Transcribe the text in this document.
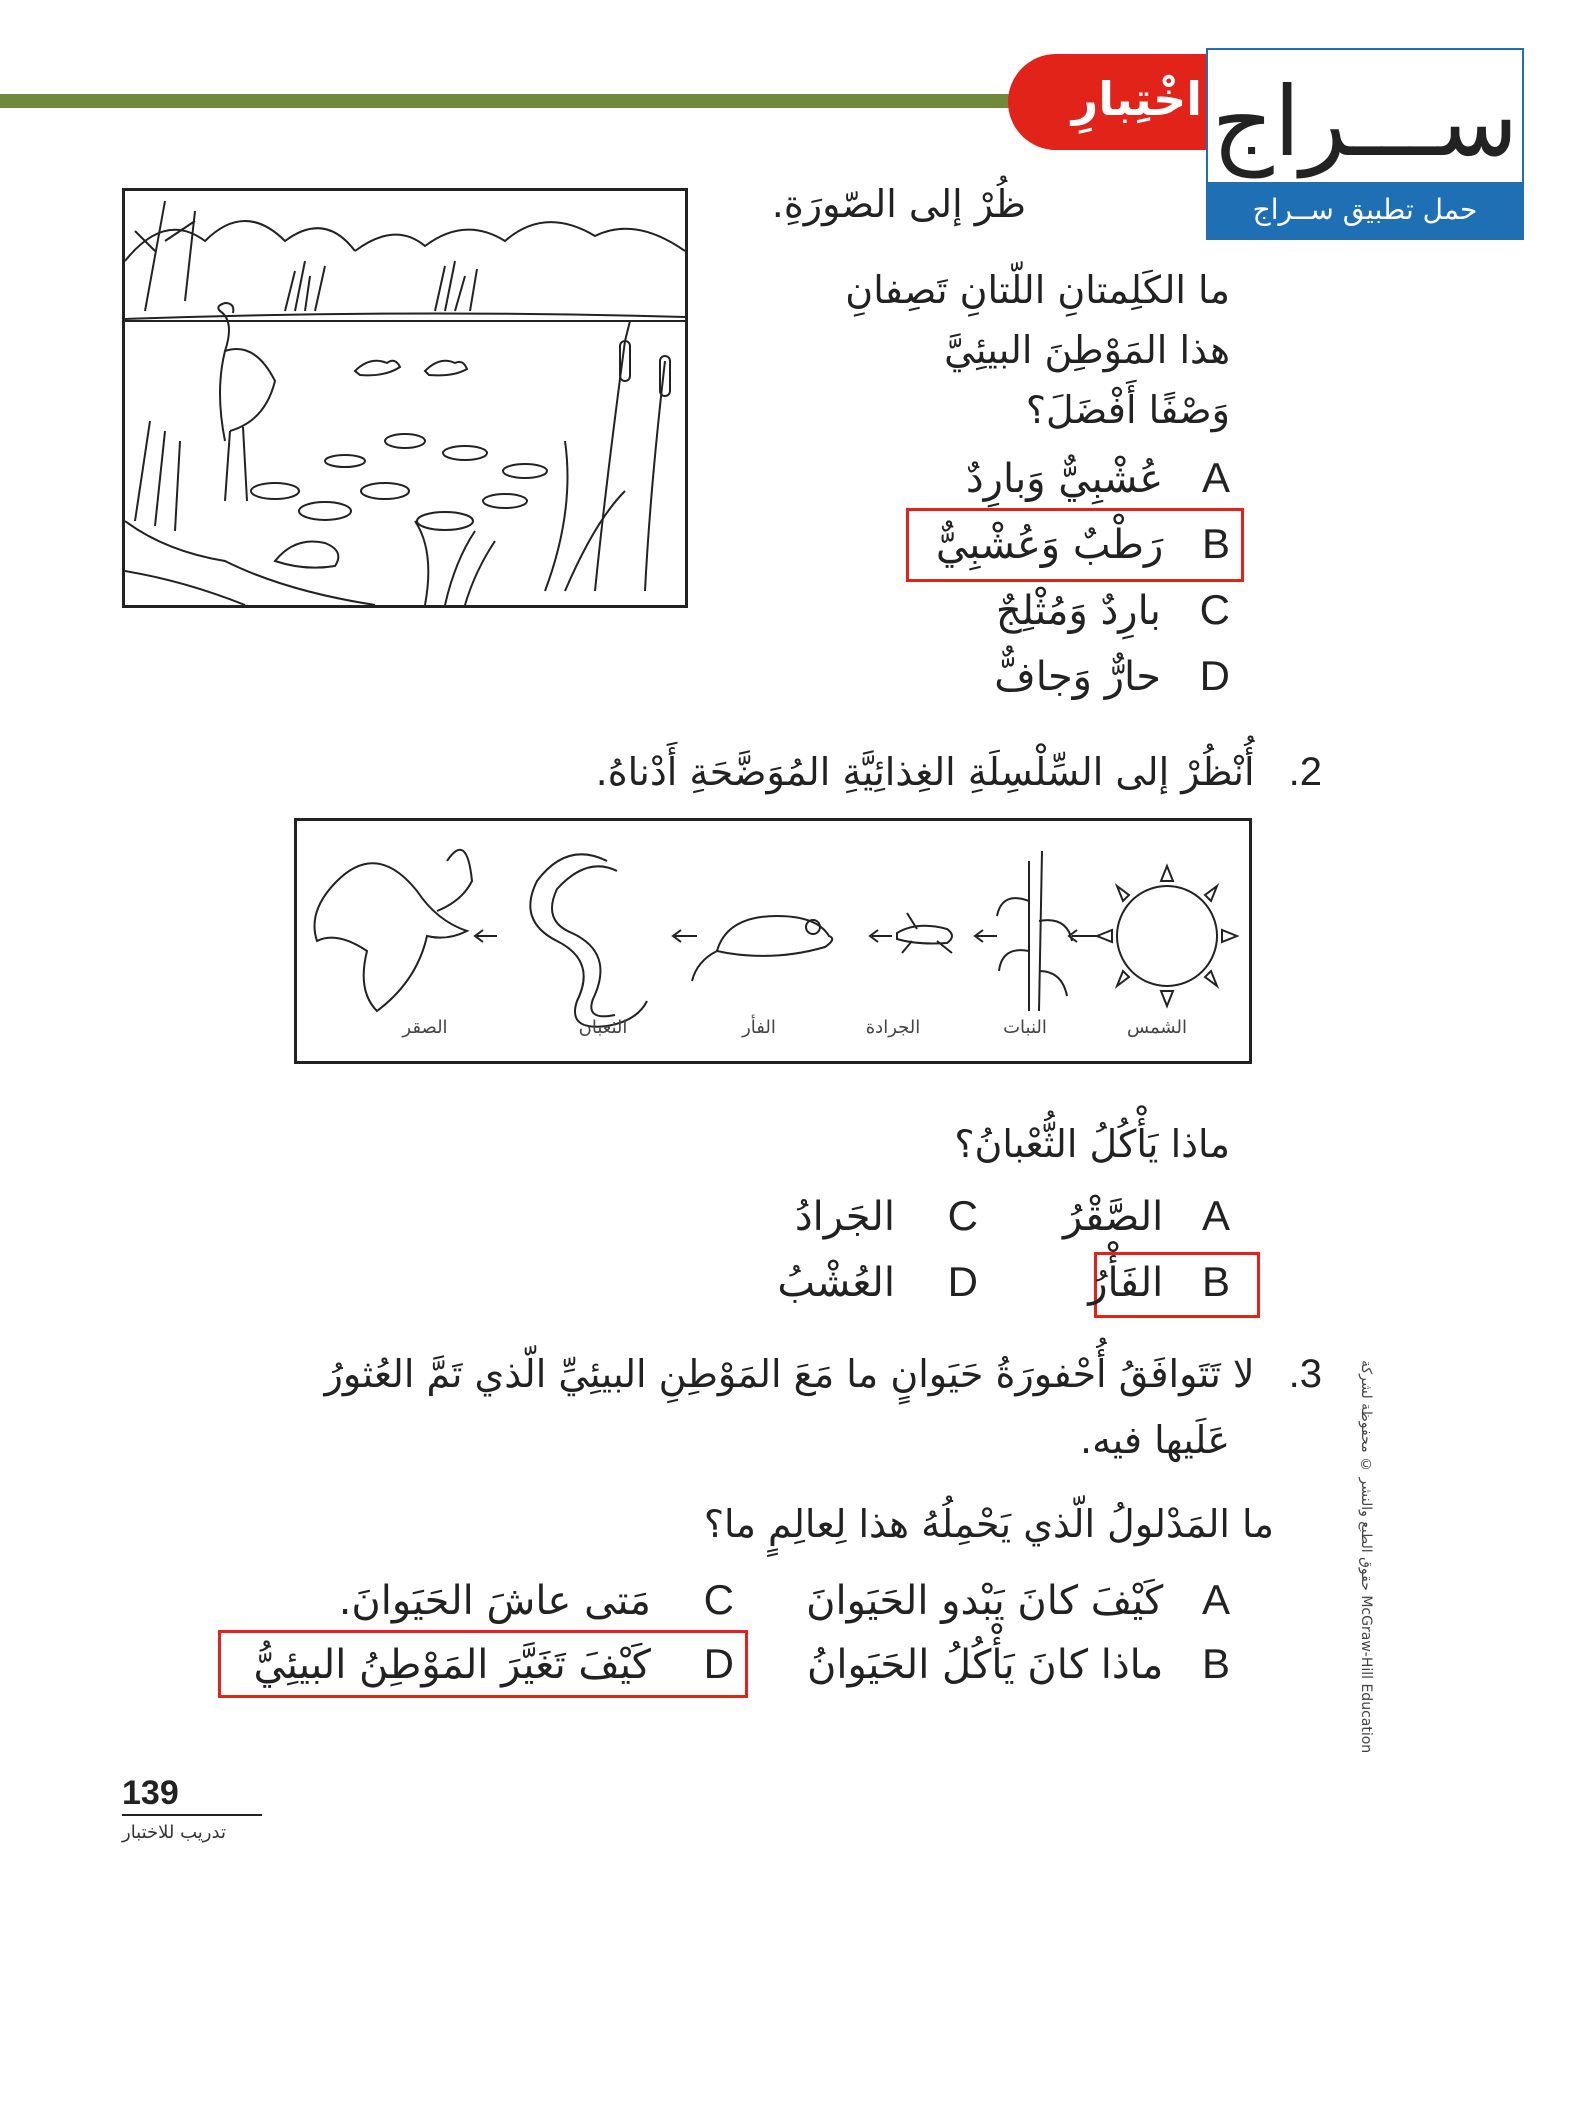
اخْتِبارِ ســـراج
حمل تطبيق ســراج
ظُرْ إلى الصّورَةِ.
ما الكَلِمتانِ اللّتانِ تَصِفانِ
هذا المَوْطِنَ البيئِيَّ
وَصْفًا أَفْضَلَ؟
A عُشْبِيٌّ وَبارِدٌ
B رَطْبٌ وَعُشْبِيٌّ
C بارِدٌ وَمُثْلِجٌ
D حارٌّ وَجافٌّ
2. أُنْظُرْ إلى السِّلْسِلَةِ الغِذائِيَّةِ المُوَضَّحَةِ أَدْناهُ.
الشمس
النبات
الجرادة
الفأر
الثعبان
الصقر
ماذا يَأْكُلُ الثُّعْبانُ؟
A الصَّقْرُ
C الجَرادُ
B الفَأْرُ
D العُشْبُ
3. لا تَتَوافَقُ أُحْفورَةُ حَيَوانٍ ما مَعَ المَوْطِنِ البيئِيِّ الّذي تَمَّ العُثورُ
عَلَيها فيه.
ما المَدْلولُ الّذي يَحْمِلُهُ هذا لِعالِمٍ ما؟
A كَيْفَ كانَ يَبْدو الحَيَوانَ
C مَتى عاشَ الحَيَوانَ.
B ماذا كانَ يَأْكُلُ الحَيَوانُ
D كَيْفَ تَغَيَّرَ المَوْطِنُ البيئِيُّ
حقوق الطبع والنشر © محفوظة لشركة McGraw-Hill Education
139
تدريب للاختبار
